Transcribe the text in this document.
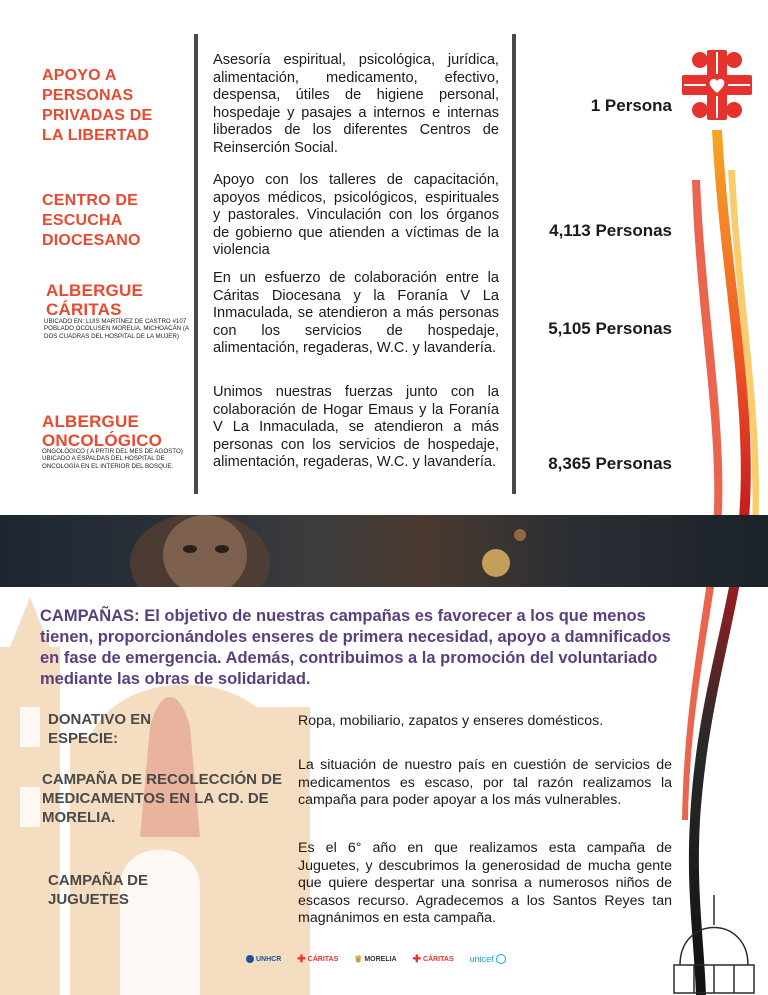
APOYO A PERSONAS PRIVADAS DE LA LIBERTAD
Asesoría espiritual, psicológica, jurídica, alimentación, medicamento, efectivo, despensa, útiles de higiene personal, hospedaje y pasajes a internos e internas liberados de los diferentes Centros de Reinserción Social.
1 Persona
CENTRO DE ESCUCHA DIOCESANO
Apoyo con los talleres de capacitación, apoyos médicos, psicológicos, espirituales y pastorales. Vinculación con los órganos de gobierno que atienden a víctimas de la violencia
4,113 Personas
ALBERGUE CÁRITAS
UBICADO EN: LUIS MARTÍNEZ DE CASTRO #107 POBLADO OCOLUSEN MORELIA, MICHOACÁN (A DOS CUADRAS DEL HOSPITAL DE LA MUJER)
En un esfuerzo de colaboración entre la Cáritas Diocesana y la Foranía V La Inmaculada, se atendieron a más personas con los servicios de hospedaje, alimentación, regaderas, W.C. y lavandería.
5,105 Personas
ALBERGUE ONCOLÓGICO
ONGOLÓGICO ( A PRTIR DEL MES DE AGOSTO) UBICADO A ESPALDAS DEL HOSPITAL DE ONCOLOGÍA EN EL INTERIOR DEL BOSQUE.
Unimos nuestras fuerzas junto con la colaboración de Hogar Emaus y la Foranía V La Inmaculada, se atendieron a más personas con los servicios de hospedaje, alimentación, regaderas, W.C. y lavandería.	8,365 Personas
CAMPAÑAS: El objetivo de nuestras campañas es favorecer a los que menos tienen, proporcionándoles enseres de primera necesidad, apoyo a damnificados en fase de emergencia. Además, contribuimos a la promoción del voluntariado mediante las obras de solidaridad.
DONATIVO EN ESPECIE:
Ropa, mobiliario, zapatos y enseres domésticos.
CAMPAÑA DE RECOLECCIÓN DE MEDICAMENTOS EN LA CD. DE MORELIA.
La situación de nuestro país en cuestión de servicios de medicamentos es escaso, por tal razón realizamos la campaña para poder apoyar a los más vulnerables.
CAMPAÑA DE JUGUETES
Es el 6° año en que realizamos esta campaña de Juguetes, y descubrimos la generosidad de mucha gente que quiere despertar una sonrisa a numerosos niños de escasos recurso. Agradecemos a los Santos Reyes tan magnánimos en esta campaña.
UNHCR ✚ CÁRITAS ♛ MORELIA ✚ CÁRITAS unicef
